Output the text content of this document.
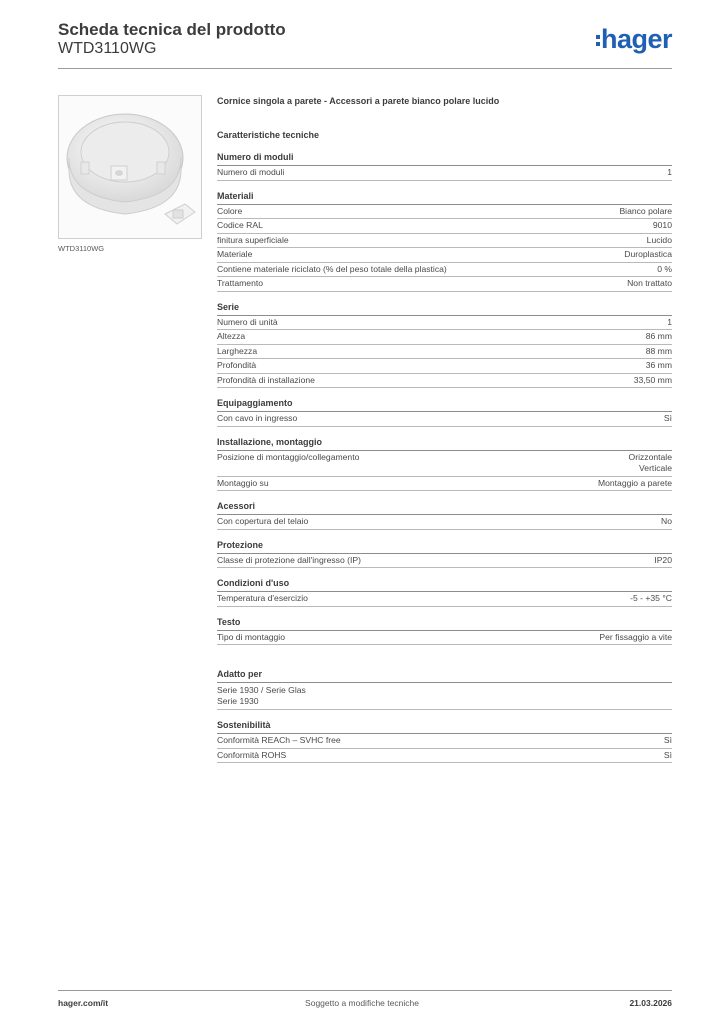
Scheda tecnica del prodotto
WTD3110WG	hager
WTD3110WG
Cornice singola a parete - Accessori a parete bianco polare lucido
Caratteristiche tecniche
Numero di moduli
Numero di moduli	1
Materiali
Colore	Bianco polare
Codice RAL	9010
finitura superficiale	Lucido
Materiale	Duroplastica
Contiene materiale riciclato (% del peso totale della plastica)	0 %
Trattamento	Non trattato
Serie
Numero di unità	1
Altezza	86 mm
Larghezza	88 mm
Profondità	36 mm
Profondità di installazione	33,50 mm
Equipaggiamento
Con cavo in ingresso	Sì
Installazione, montaggio
Posizione di montaggio/collegamento	Orizzontale
Verticale
Montaggio su	Montaggio a parete
Acessori
Con copertura del telaio	No
Protezione
Classe di protezione dall'ingresso (IP)	IP20
Condizioni d'uso
Temperatura d'esercizio	-5 - +35 °C
Testo
Tipo di montaggio	Per fissaggio a vite
Adatto per
Serie 1930 / Serie Glas
Serie 1930
Sostenibilità
Conformità REACh – SVHC free	Sì
Conformità ROHS	Sì
hager.com/it	Soggetto a modifiche tecniche	21.03.2026
